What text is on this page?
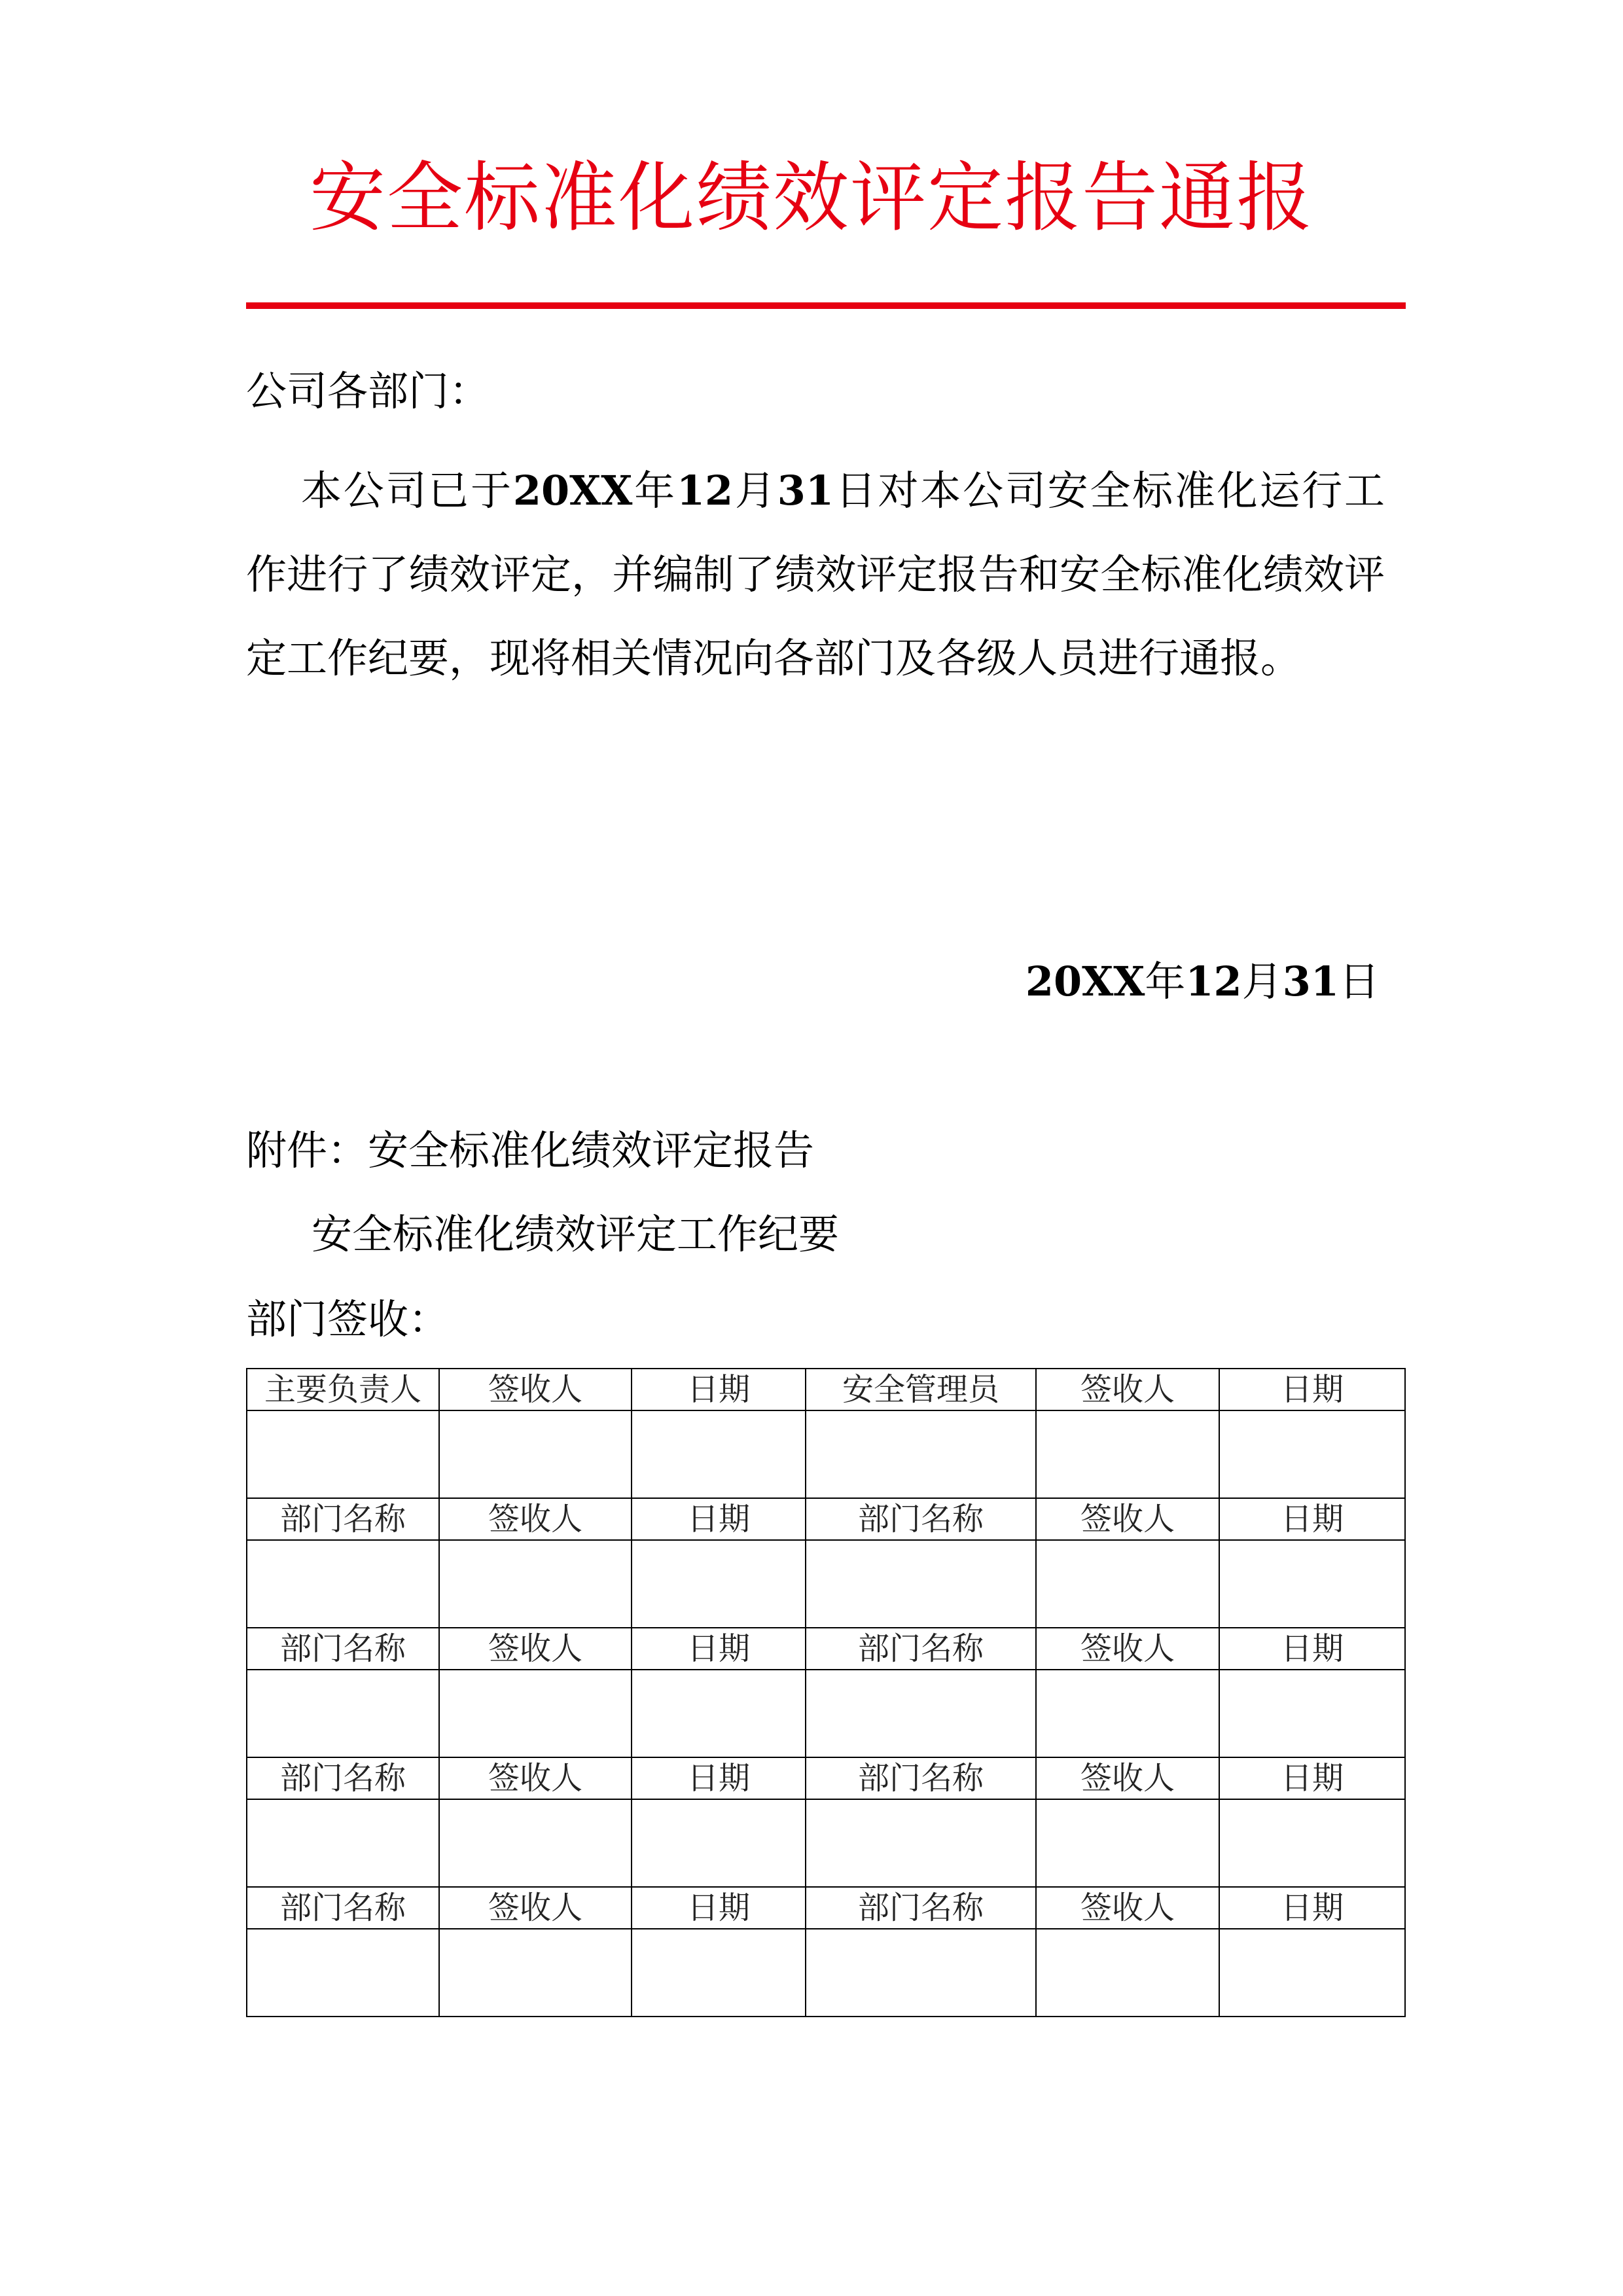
安全标准化绩效评定报告通报
公司各部门：
本公司已于20XX年12月31日对本公司安全标准化运行工作进行了绩效评定，并编制了绩效评定报告和安全标准化绩效评定工作纪要，现将相关情况向各部门及各级人员进行通报。
20XX年12月31日
附件：安全标准化绩效评定报告
安全标准化绩效评定工作纪要
部门签收：
主要负责人	签收人	日期	安全管理员	签收人	日期

部门名称	签收人	日期	部门名称	签收人	日期

部门名称	签收人	日期	部门名称	签收人	日期

部门名称	签收人	日期	部门名称	签收人	日期

部门名称	签收人	日期	部门名称	签收人	日期
